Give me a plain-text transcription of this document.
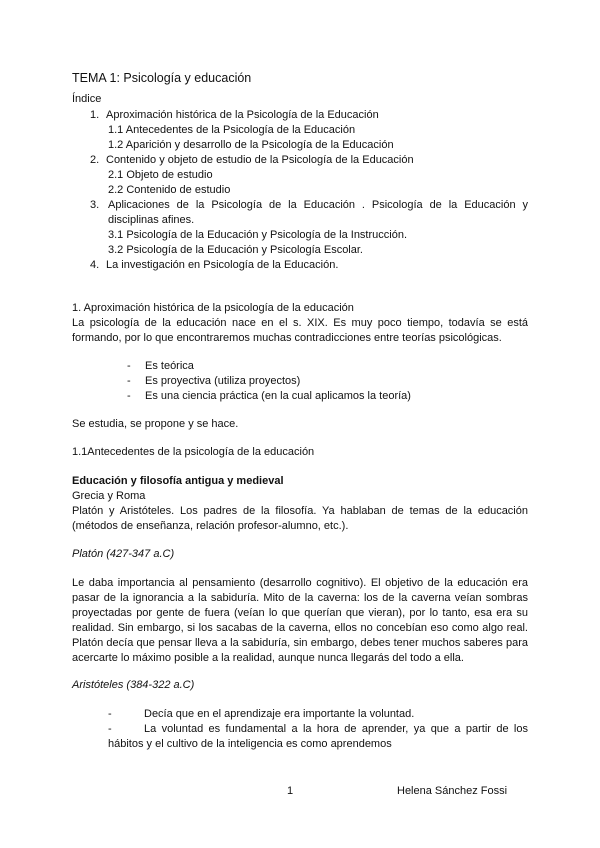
TEMA 1: Psicología y educación
Índice
1. Aproximación histórica de la Psicología de la Educación
1.1 Antecedentes de la Psicología de la Educación
1.2 Aparición y desarrollo de la Psicología de la Educación
2. Contenido y objeto de estudio de la Psicología de la Educación
2.1 Objeto de estudio
2.2 Contenido de estudio
3. Aplicaciones de la Psicología de la Educación . Psicología de la Educación y disciplinas afines.
3.1 Psicología de la Educación y Psicología de la Instrucción.
3.2 Psicología de la Educación y Psicología Escolar.
4. La investigación en Psicología de la Educación.
1. Aproximación histórica de la psicología de la educación
La psicología de la educación nace en el s. XIX. Es muy poco tiempo, todavía se está formando, por lo que encontraremos muchas contradicciones entre teorías psicológicas.
- Es teórica
- Es proyectiva (utiliza proyectos)
- Es una ciencia práctica (en la cual aplicamos la teoría)
Se estudia, se propone y se hace.
1.1Antecedentes de la psicología de la educación
Educación y filosofía antigua y medieval
Grecia y Roma
Platón y Aristóteles. Los padres de la filosofía. Ya hablaban de temas de la educación (métodos de enseñanza, relación profesor-alumno, etc.).
Platón (427-347 a.C)
Le daba importancia al pensamiento (desarrollo cognitivo). El objetivo de la educación era pasar de la ignorancia a la sabiduría. Mito de la caverna: los de la caverna veían sombras proyectadas por gente de fuera (veían lo que querían que vieran), por lo tanto, esa era su realidad. Sin embargo, si los sacabas de la caverna, ellos no concebían eso como algo real. Platón decía que pensar lleva a la sabiduría, sin embargo, debes tener muchos saberes para acercarte lo máximo posible a la realidad, aunque nunca llegarás del todo a ella.
Aristóteles (384-322 a.C)
-	Decía que en el aprendizaje era importante la voluntad.
-	La voluntad es fundamental a la hora de aprender, ya que a partir de los hábitos y el cultivo de la inteligencia es como aprendemos
1	Helena Sánchez Fossi
